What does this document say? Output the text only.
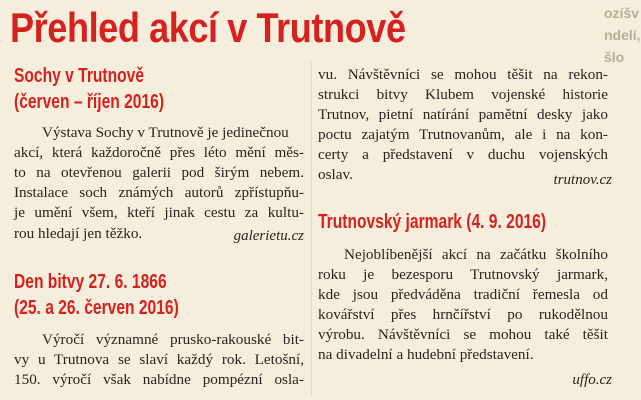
ozíšv ndelí, šlo
Přehled akcí v Trutnově
Sochy v Trutnově
(červen – říjen 2016)
Výstava Sochy v Trutnově je jedinečnou
akcí, která každoročně přes léto mění měs-
to na otevřenou galerii pod širým nebem.
Instalace soch známých autorů zpřístupňu-
je umění všem, kteří jinak cestu za kultu-
rou hledají jen těžko.	galerietu.cz
Den bitvy 27. 6. 1866
(25. a 26. červen 2016)
Výročí významné prusko-rakouské bit-
vy u Trutnova se slaví každý rok. Letošní,
150. výročí však nabídne pompézní osla-
vu. Návštěvníci se mohou těšit na rekon-
strukci bitvy Klubem vojenské historie
Trutnov, pietní natírání pamětní desky jako
poctu zajatým Trutnovanům, ale i na kon-
certy a představení v duchu vojenských
oslav.	trutnov.cz
Trutnovský jarmark (4. 9. 2016)
Nejoblíbenější akcí na začátku školního
roku je bezesporu Trutnovský jarmark,
kde jsou předváděna tradiční řemesla od
kovářství přes hrnčířství po rukodělnou
výrobu. Návštěvníci se mohou také těšit
na divadelní a hudební představení.
uffo.cz
